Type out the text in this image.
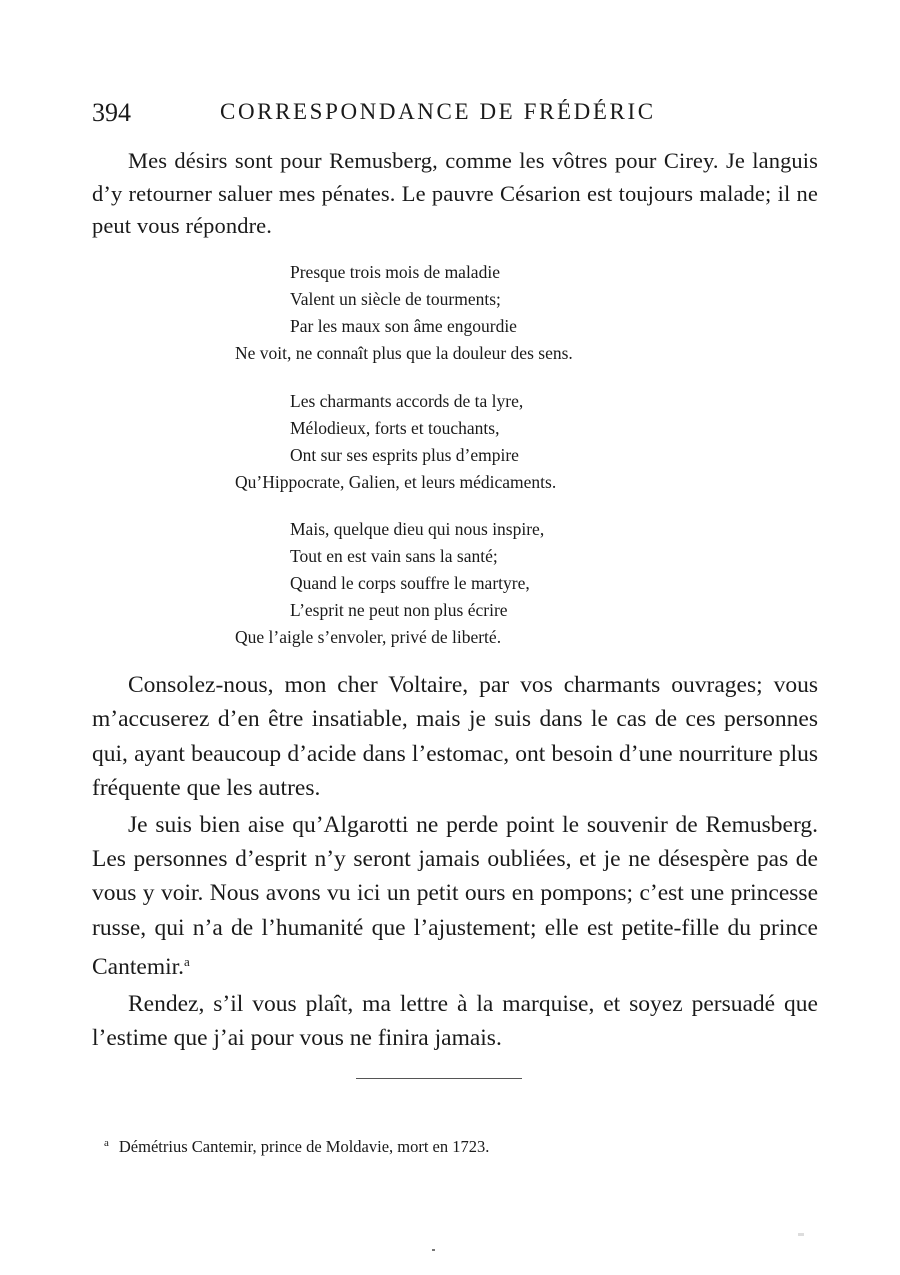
394	CORRESPONDANCE DE FRÉDÉRIC

Mes désirs sont pour Remusberg, comme les vôtres pour Cirey. Je languis d’y retourner saluer mes pénates. Le pauvre Césarion est toujours malade; il ne peut vous répondre.

Presque trois mois de maladie
Valent un siècle de tourments;
Par les maux son âme engourdie
Ne voit, ne connaît plus que la douleur des sens.
Les charmants accords de ta lyre,
Mélodieux, forts et touchants,
Ont sur ses esprits plus d’empire
Qu’Hippocrate, Galien, et leurs médicaments.
Mais, quelque dieu qui nous inspire,
Tout en est vain sans la santé;
Quand le corps souffre le martyre,
L’esprit ne peut non plus écrire
Que l’aigle s’envoler, privé de liberté.

Consolez-nous, mon cher Voltaire, par vos charmants ouvrages; vous m’accuserez d’en être insatiable, mais je suis dans le cas de ces personnes qui, ayant beaucoup d’acide dans l’estomac, ont besoin d’une nourriture plus fréquente que les autres.

Je suis bien aise qu’Algarotti ne perde point le souvenir de Remusberg. Les personnes d’esprit n’y seront jamais oubliées, et je ne désespère pas de vous y voir. Nous avons vu ici un petit ours en pompons; c’est une princesse russe, qui n’a de l’humanité que l’ajustement; elle est petite-fille du prince Cantemir.$^a$

Rendez, s’il vous plaît, ma lettre à la marquise, et soyez persuadé que l’estime que j’ai pour vous ne finira jamais.

$^a$ Démétrius Cantemir, prince de Moldavie, mort en 1723.
